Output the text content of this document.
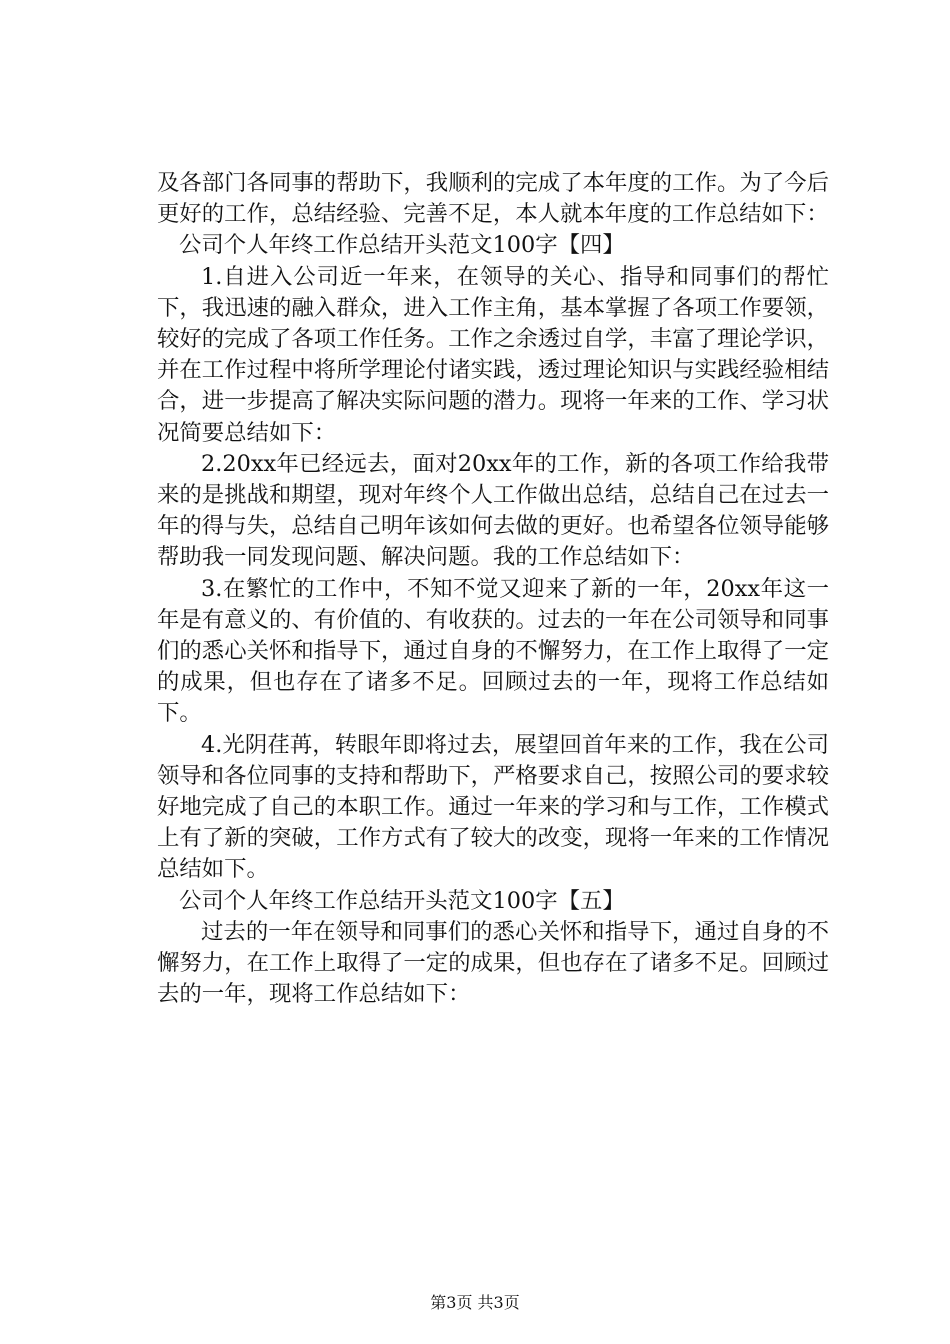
及各部门各同事的帮助下，我顺利的完成了本年度的工作。为了今后更好的工作，总结经验、完善不足，本人就本年度的工作总结如下：

公司个人年终工作总结开头范文100字【四】

1.自进入公司近一年来，在领导的关心、指导和同事们的帮忙下，我迅速的融入群众，进入工作主角，基本掌握了各项工作要领，较好的完成了各项工作任务。工作之余透过自学，丰富了理论学识，并在工作过程中将所学理论付诸实践，透过理论知识与实践经验相结合，进一步提高了解决实际问题的潜力。现将一年来的工作、学习状况简要总结如下：

2.20xx年已经远去，面对20xx年的工作，新的各项工作给我带来的是挑战和期望，现对年终个人工作做出总结，总结自己在过去一年的得与失，总结自己明年该如何去做的更好。也希望各位领导能够帮助我一同发现问题、解决问题。我的工作总结如下：

3.在繁忙的工作中，不知不觉又迎来了新的一年，20xx年这一年是有意义的、有价值的、有收获的。过去的一年在公司领导和同事们的悉心关怀和指导下，通过自身的不懈努力，在工作上取得了一定的成果，但也存在了诸多不足。回顾过去的一年，现将工作总结如下。

4.光阴荏苒，转眼年即将过去，展望回首年来的工作，我在公司领导和各位同事的支持和帮助下，严格要求自己，按照公司的要求较好地完成了自己的本职工作。通过一年来的学习和与工作，工作模式上有了新的突破，工作方式有了较大的改变，现将一年来的工作情况总结如下。

公司个人年终工作总结开头范文100字【五】

过去的一年在领导和同事们的悉心关怀和指导下，通过自身的不懈努力，在工作上取得了一定的成果，但也存在了诸多不足。回顾过去的一年，现将工作总结如下：

第3页 共3页
